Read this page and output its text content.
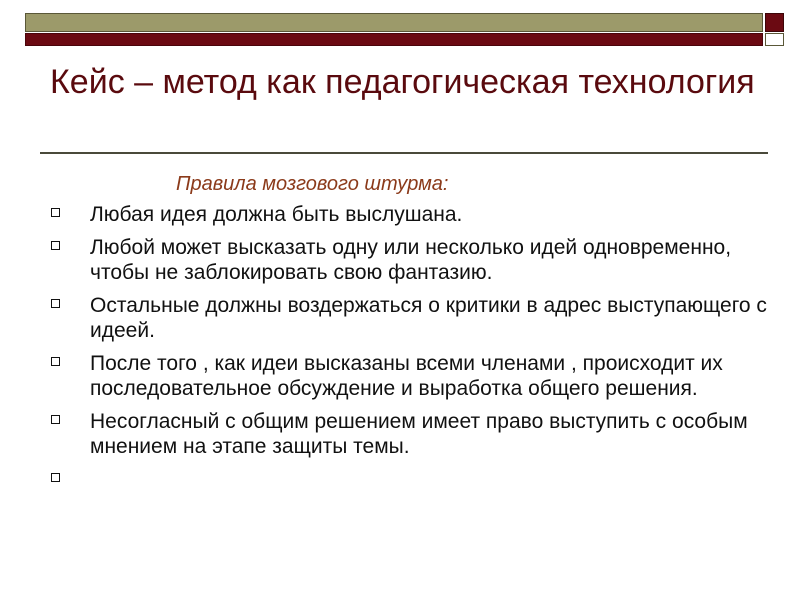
Кейс – метод как педагогическая технология
Правила мозгового штурма:
Любая идея должна быть выслушана.
Любой может высказать одну или несколько идей одновременно, чтобы не заблокировать свою фантазию.
Остальные должны воздержаться о критики в адрес выступающего с идеей.
После того , как идеи высказаны всеми членами , происходит их последовательное обсуждение и выработка общего решения.
Несогласный с общим решением имеет право выступить с особым мнением на этапе защиты темы.
